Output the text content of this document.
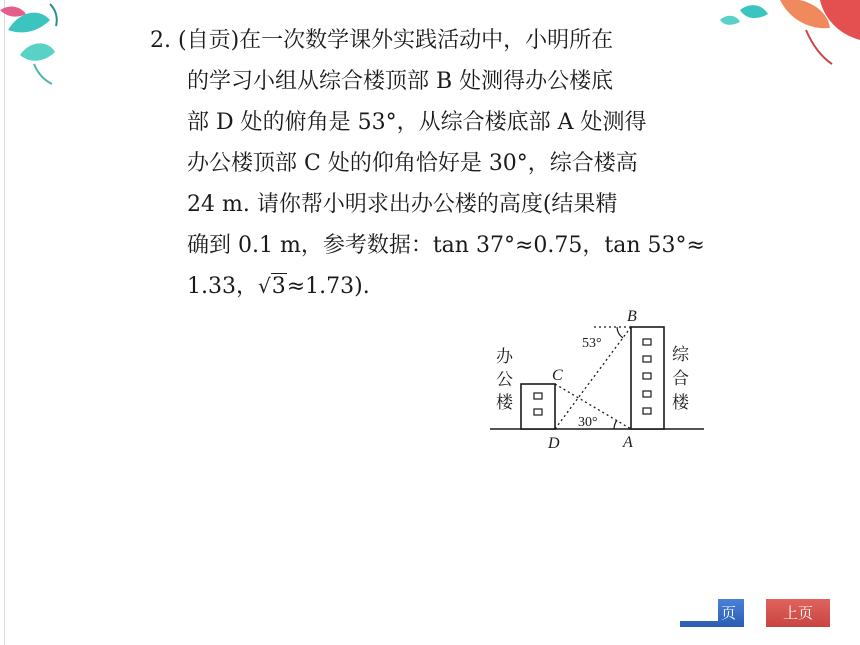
2. (自贡)在一次数学课外实践活动中，小明所在
的学习小组从综合楼顶部 B 处测得办公楼底
部 D 处的俯角是 53°，从综合楼底部 A 处测得
办公楼顶部 C 处的仰角恰好是 30°，综合楼高
24 m. 请你帮小明求出办公楼的高度(结果精
确到 0.1 m，参考数据：tan 37°≈0.75，tan 53°≈
1.33，√3≈1.73).
办
公
楼
综
合
楼
B
C
D	A
53°
30°
页	上页
